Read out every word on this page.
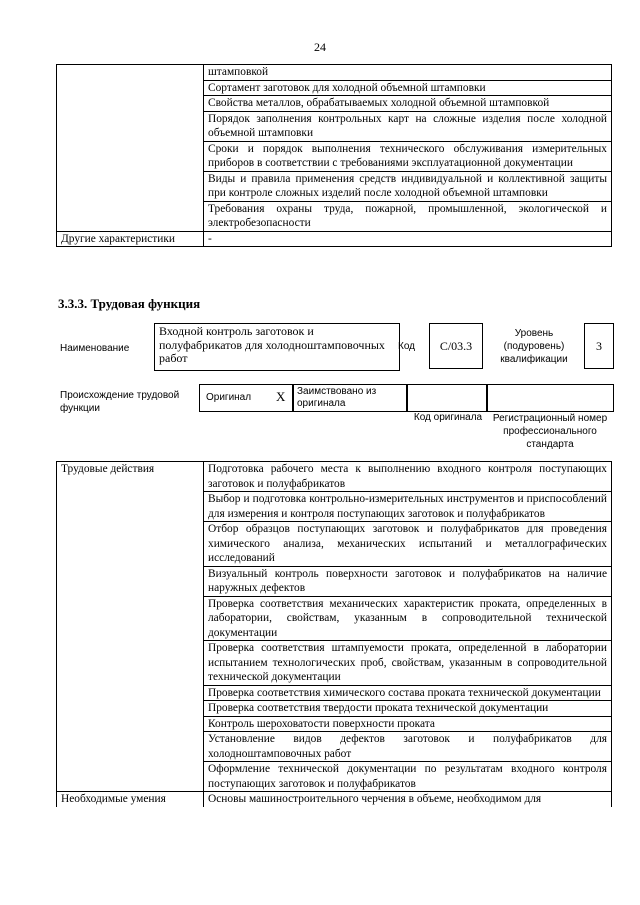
24
	штамповкой
	Сортамент заготовок для холодной объемной штамповки
	Свойства металлов, обрабатываемых холодной объемной штамповкой
	Порядок заполнения контрольных карт на сложные изделия после холодной объемной штамповки
	Сроки и порядок выполнения технического обслуживания измерительных приборов в соответствии с требованиями эксплуатационной документации
	Виды и правила применения средств индивидуальной и коллективной защиты при контроле сложных изделий после холодной объемной штамповки
	Требования охраны труда, пожарной, промышленной, экологической и электробезопасности
Другие характеристики	-
3.3.3. Трудовая функция
Наименование
Входной контроль заготовок и полуфабрикатов для холодноштамповочных работ
Код	C/03.3
Уровень (подуровень) квалификации
3
Происхождение трудовой функции
Оригинал X Заимствовано из оригинала
Код оригинала	Регистрационный номер профессионального стандарта
Трудовые действия	Подготовка рабочего места к выполнению входного контроля поступающих заготовок и полуфабрикатов
	Выбор и подготовка контрольно-измерительных инструментов и приспособлений для измерения и контроля поступающих заготовок и полуфабрикатов
	Отбор образцов поступающих заготовок и полуфабрикатов для проведения химического анализа, механических испытаний и металлографических исследований
	Визуальный контроль поверхности заготовок и полуфабрикатов на наличие наружных дефектов
	Проверка соответствия механических характеристик проката, определенных в лаборатории, свойствам, указанным в сопроводительной технической документации
	Проверка соответствия штампуемости проката, определенной в лаборатории испытанием технологических проб, свойствам, указанным в сопроводительной технической документации
	Проверка соответствия химического состава проката технической документации
	Проверка соответствия твердости проката технической документации
	Контроль шероховатости поверхности проката
	Установление видов дефектов заготовок и полуфабрикатов для холодноштамповочных работ
	Оформление технической документации по результатам входного контроля поступающих заготовок и полуфабрикатов
Необходимые умения	Основы машиностроительного черчения в объеме, необходимом для
